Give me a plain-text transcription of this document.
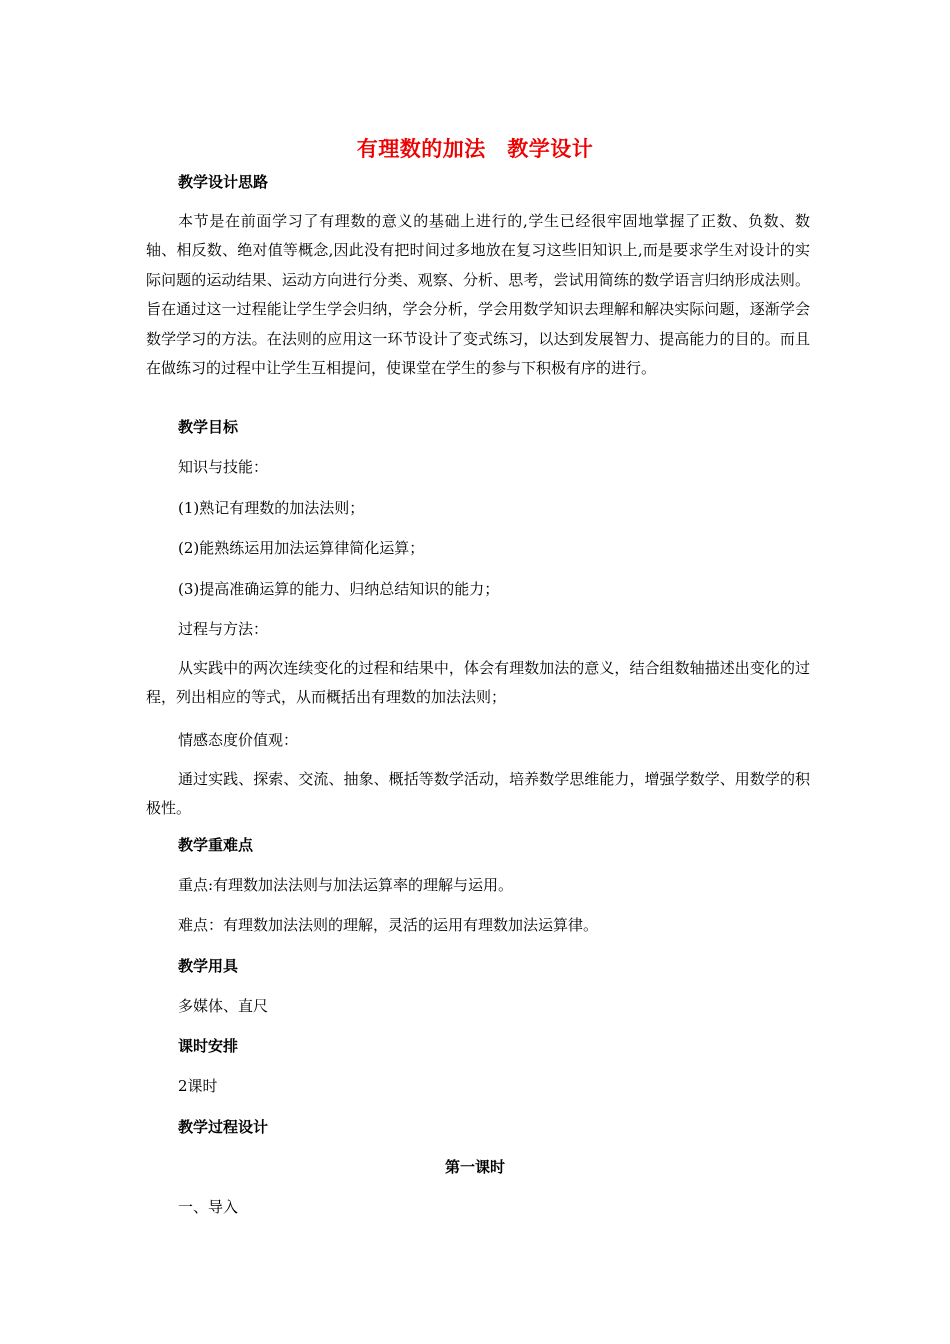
有理数的加法　教学设计
教学设计思路
本节是在前面学习了有理数的意义的基础上进行的,学生已经很牢固地掌握了正数、负数、数轴、相反数、绝对值等概念,因此没有把时间过多地放在复习这些旧知识上,而是要求学生对设计的实际问题的运动结果、运动方向进行分类、观察、分析、思考，尝试用简练的数学语言归纳形成法则。旨在通过这一过程能让学生学会归纳，学会分析，学会用数学知识去理解和解决实际问题，逐渐学会数学学习的方法。在法则的应用这一环节设计了变式练习，以达到发展智力、提高能力的目的。而且在做练习的过程中让学生互相提问，使课堂在学生的参与下积极有序的进行。
教学目标
知识与技能：
(1)熟记有理数的加法法则；
(2)能熟练运用加法运算律简化运算；
(3)提高准确运算的能力、归纳总结知识的能力；
过程与方法：
从实践中的两次连续变化的过程和结果中，体会有理数加法的意义，结合组数轴描述出变化的过程，列出相应的等式，从而概括出有理数的加法法则；
情感态度价值观：
通过实践、探索、交流、抽象、概括等数学活动，培养数学思维能力，增强学数学、用数学的积极性。
教学重难点
重点:有理数加法法则与加法运算率的理解与运用。
难点：有理数加法法则的理解，灵活的运用有理数加法运算律。
教学用具
多媒体、直尺
课时安排
2课时
教学过程设计
第一课时
一、导入
